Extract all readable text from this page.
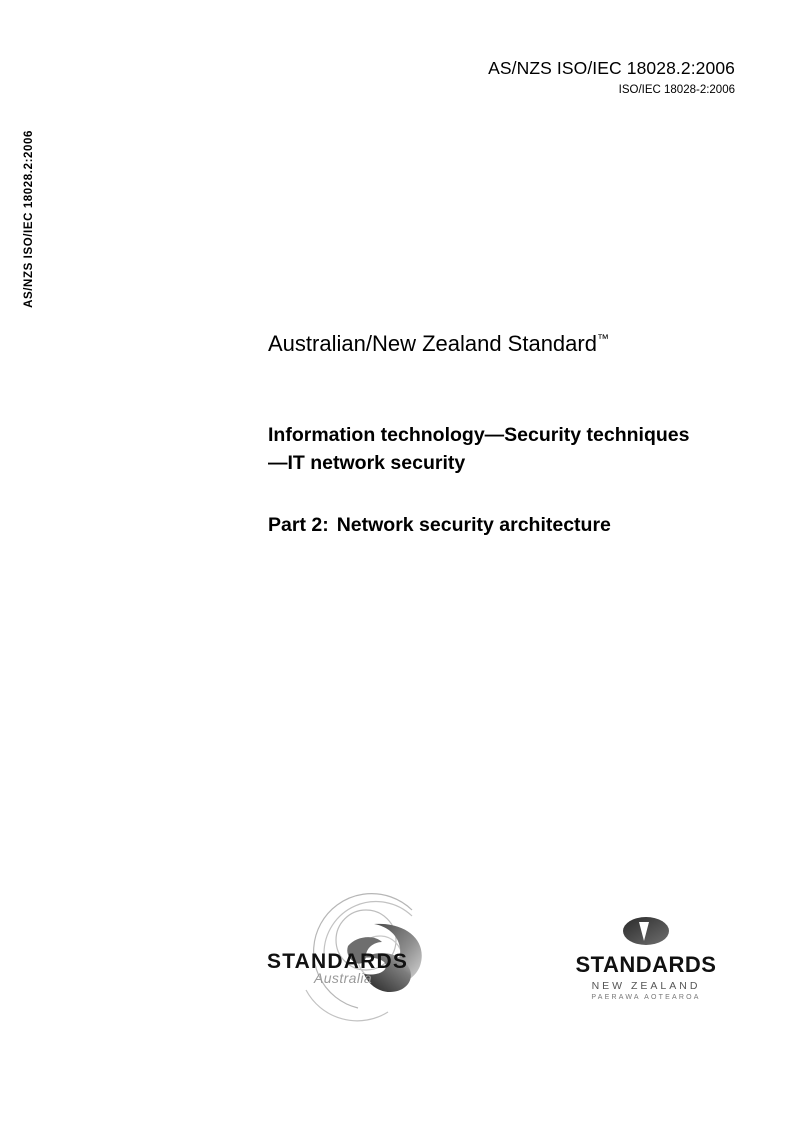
AS/NZS ISO/IEC 18028.2:2006
AS/NZS ISO/IEC 18028.2:2006
ISO/IEC 18028-2:2006
Australian/New Zealand Standard™
Information technology—Security techniques—IT network security
Part 2: Network security architecture
STANDARDS
Australia
STANDARDS
NEW ZEALAND
PAERAWA AOTEAROA
